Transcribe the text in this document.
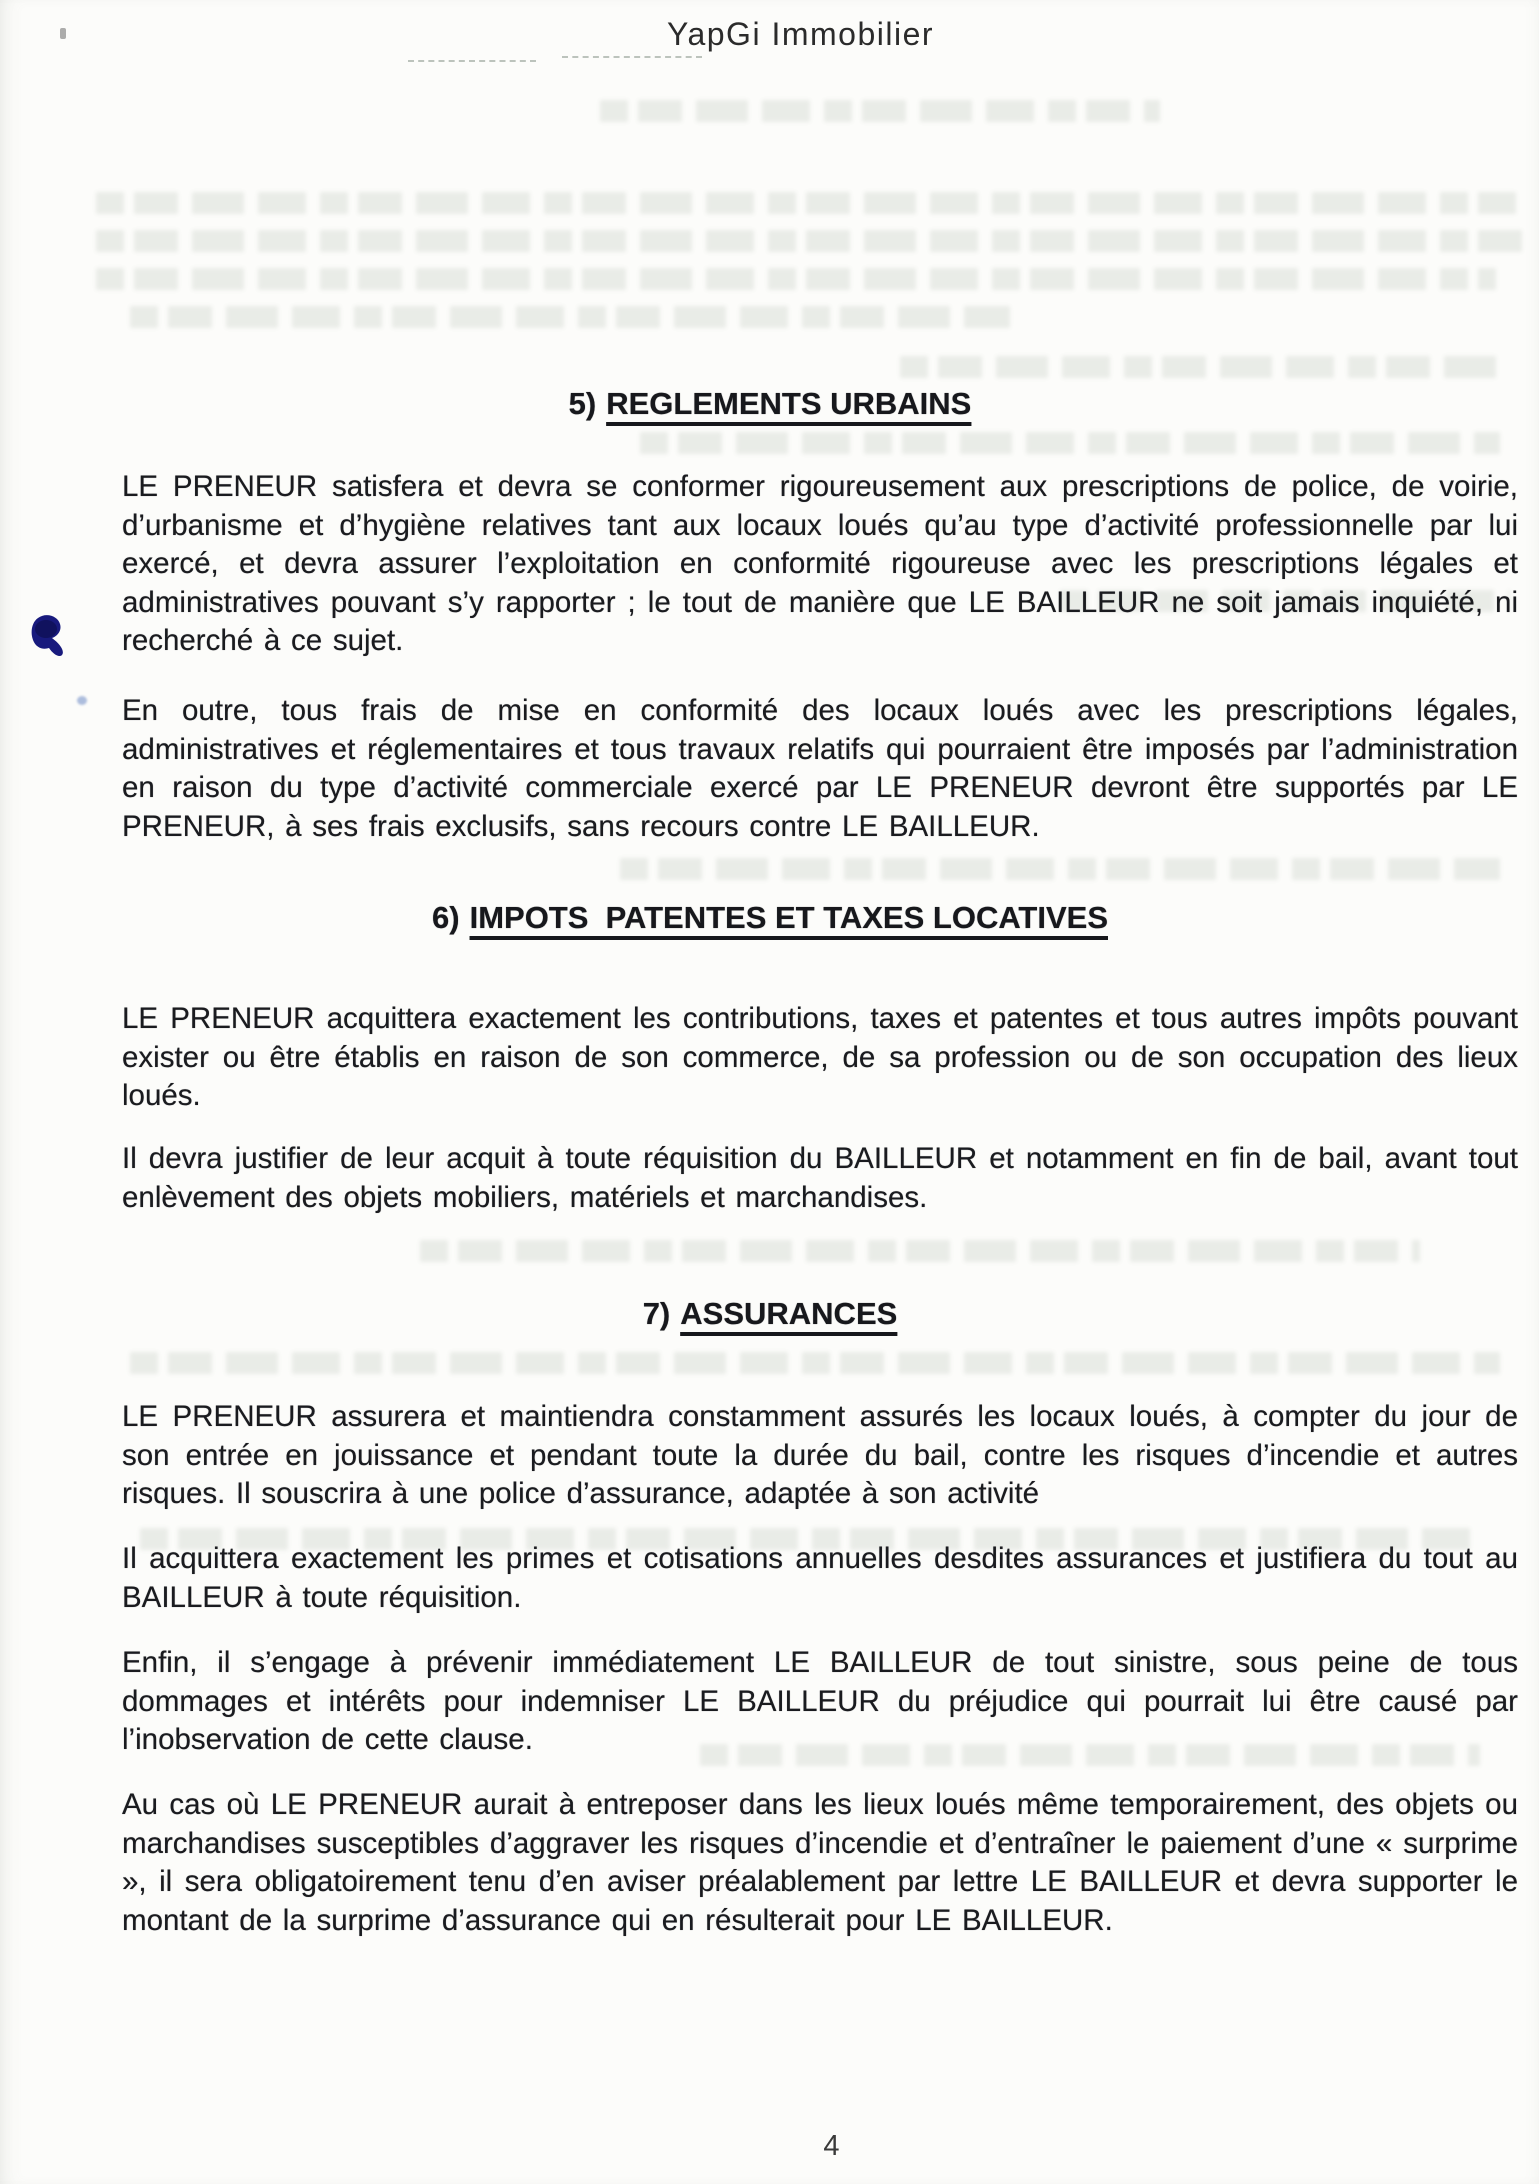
YapGi Immobilier
5) REGLEMENTS URBAINS

LE PRENEUR satisfera et devra se conformer rigoureusement aux prescriptions de police, de voirie, d’urbanisme et d’hygiène relatives tant aux locaux loués qu’au type d’activité professionnelle par lui exercé, et devra assurer l’exploitation en conformité rigoureuse avec les prescriptions légales et administratives pouvant s’y rapporter ; le tout de manière que LE BAILLEUR ne soit jamais inquiété, ni recherché à ce sujet.

En outre, tous frais de mise en conformité des locaux loués avec les prescriptions légales, administratives et réglementaires et tous travaux relatifs qui pourraient être imposés par l’administration en raison du type d’activité commerciale exercé par LE PRENEUR devront être supportés par LE PRENEUR, à ses frais exclusifs, sans recours contre LE BAILLEUR.

6) IMPOTS  PATENTES ET TAXES LOCATIVES

LE PRENEUR acquittera exactement les contributions, taxes et patentes et tous autres impôts pouvant exister ou être établis en raison de son commerce, de sa profession ou de son occupation des lieux loués.

Il devra justifier de leur acquit à toute réquisition du BAILLEUR et notamment en fin de bail, avant tout enlèvement des objets mobiliers, matériels et marchandises.

7) ASSURANCES

LE PRENEUR assurera et maintiendra constamment assurés les locaux loués, à compter du jour de son entrée en jouissance et pendant toute la durée du bail, contre les risques d’incendie et autres risques. Il souscrira à une police d’assurance, adaptée à son activité

Il acquittera exactement les primes et cotisations annuelles desdites assurances et justifiera du tout au BAILLEUR à toute réquisition.

Enfin, il s’engage à prévenir immédiatement LE BAILLEUR de tout sinistre, sous peine de tous dommages et intérêts pour indemniser LE BAILLEUR du préjudice qui pourrait lui être causé par l’inobservation de cette clause.

Au cas où LE PRENEUR aurait à entreposer dans les lieux loués même temporairement, des objets ou marchandises susceptibles d’aggraver les risques d’incendie et d’entraîner le paiement d’une « surprime », il sera obligatoirement tenu d’en aviser préalablement par lettre LE BAILLEUR et devra supporter le montant de la surprime d’assurance qui en résulterait pour LE BAILLEUR.

4
